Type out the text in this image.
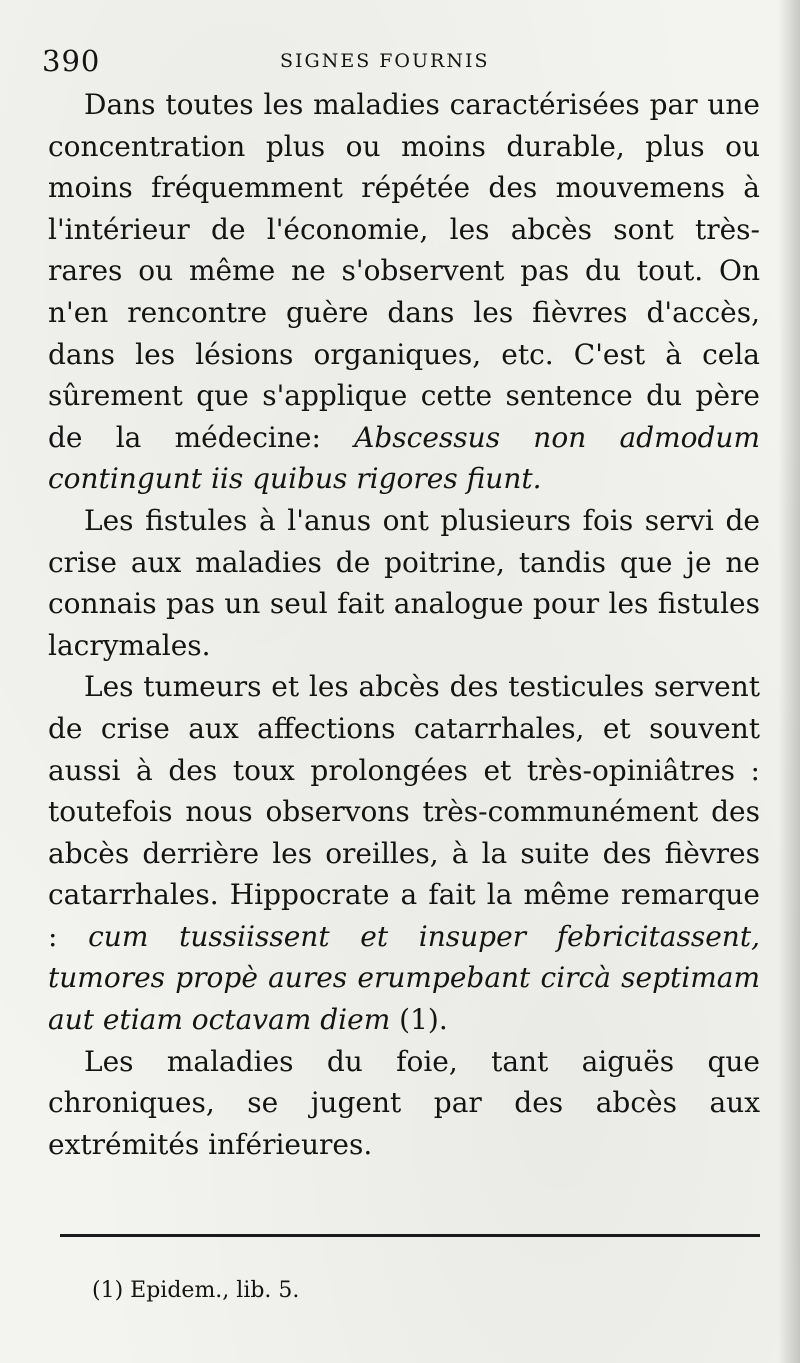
390	SIGNES FOURNIS

Dans toutes les maladies caractérisées par une concentration plus ou moins durable, plus ou moins fréquemment répétée des mouvemens à l'intérieur de l'économie, les abcès sont très-rares ou même ne s'observent pas du tout. On n'en rencontre guère dans les fièvres d'accès, dans les lésions organiques, etc. C'est à cela sûrement que s'applique cette sentence du père de la médecine: Abscessus non admodum contingunt iis quibus rigores fiunt.

Les fistules à l'anus ont plusieurs fois servi de crise aux maladies de poitrine, tandis que je ne connais pas un seul fait analogue pour les fistules lacrymales.

Les tumeurs et les abcès des testicules servent de crise aux affections catarrhales, et souvent aussi à des toux prolongées et très-opiniâtres : toutefois nous observons très-communément des abcès derrière les oreilles, à la suite des fièvres catarrhales. Hippocrate a fait la même remarque : cum tussiissent et insuper febricitassent, tumores propè aures erumpebant circà septimam aut etiam octavam diem (1).

Les maladies du foie, tant aiguës que chroniques, se jugent par des abcès aux extrémités inférieures.

(1) Epidem., lib. 5.
